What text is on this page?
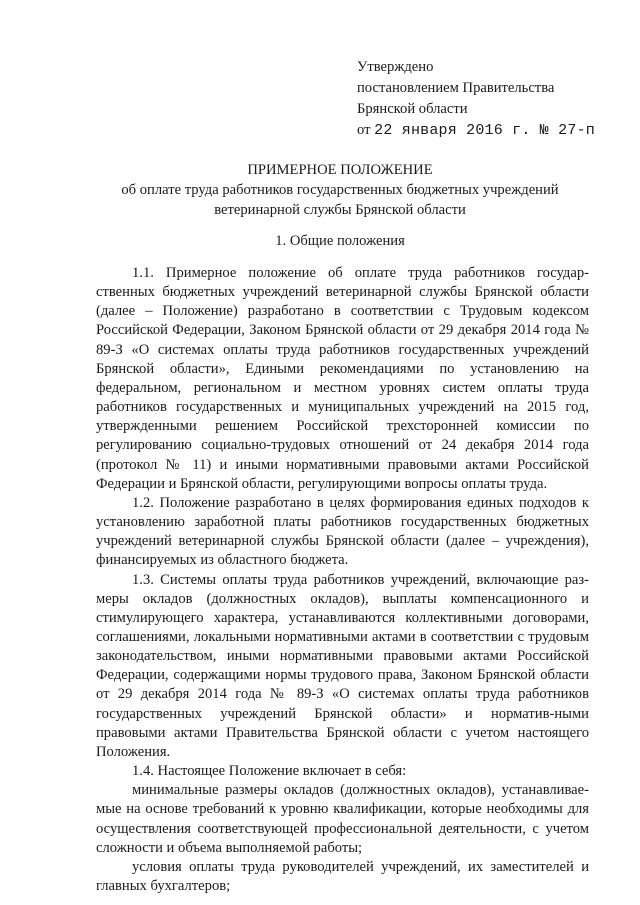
Утверждено
постановлением Правительства
Брянской области
от 22 января 2016 г. № 27-п
ПРИМЕРНОЕ ПОЛОЖЕНИЕ
об оплате труда работников государственных бюджетных учреждений
ветеринарной службы Брянской области
1. Общие положения

1.1. Примерное положение об оплате труда работников государ-ственных бюджетных учреждений ветеринарной службы Брянской области (далее – Положение) разработано в соответствии с Трудовым кодексом Российской Федерации, Законом Брянской области от 29 декабря 2014 года № 89-З «О системах оплаты труда работников государственных учреждений Брянской области», Едиными рекомендациями по установлению на федеральном, региональном и местном уровнях систем оплаты труда работников государственных и муниципальных учреждений на 2015 год, утвержденными решением Российской трехсторонней комиссии по регулированию социально-трудовых отношений от 24 декабря 2014 года (протокол № 11) и иными нормативными правовыми актами Российской Федерации и Брянской области, регулирующими вопросы оплаты труда.

1.2. Положение разработано в целях формирования единых подходов к установлению заработной платы работников государственных бюджетных учреждений ветеринарной службы Брянской области (далее – учреждения), финансируемых из областного бюджета.

1.3. Системы оплаты труда работников учреждений, включающие раз-меры окладов (должностных окладов), выплаты компенсационного и стимулирующего характера, устанавливаются коллективными договорами, соглашениями, локальными нормативными актами в соответствии с трудовым законодательством, иными нормативными правовыми актами Российской Федерации, содержащими нормы трудового права, Законом Брянской области от 29 декабря 2014 года № 89-З «О системах оплаты труда работников государственных учреждений Брянской области» и норматив-ными правовыми актами Правительства Брянской области с учетом настоящего Положения.

1.4. Настоящее Положение включает в себя:

минимальные размеры окладов (должностных окладов), устанавливае-мые на основе требований к уровню квалификации, которые необходимы для осуществления соответствующей профессиональной деятельности, с учетом сложности и объема выполняемой работы;

условия оплаты труда руководителей учреждений, их заместителей и главных бухгалтеров;
